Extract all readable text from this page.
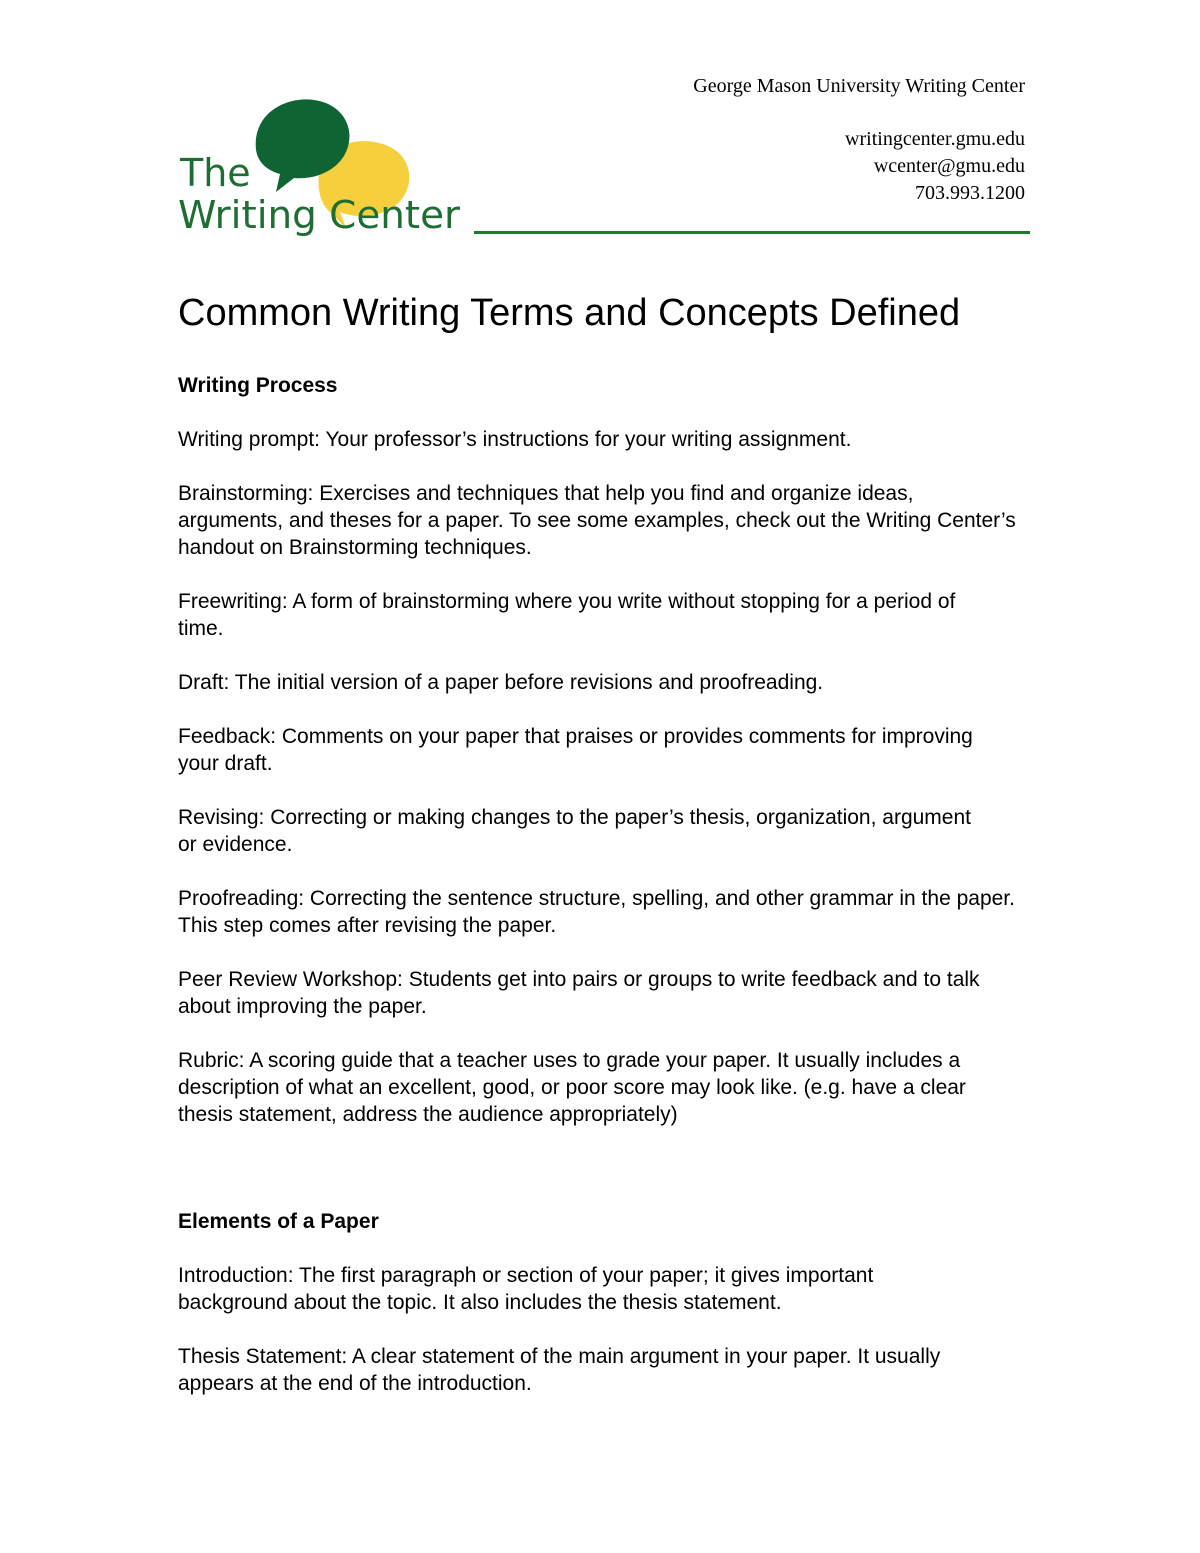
The
Writing Center
George Mason University Writing Center
writingcenter.gmu.edu
wcenter@gmu.edu
703.993.1200
Common Writing Terms and Concepts Defined
Writing Process

Writing prompt: Your professor’s instructions for your writing assignment.

Brainstorming: Exercises and techniques that help you find and organize ideas, arguments, and theses for a paper. To see some examples, check out the Writing Center’s handout on Brainstorming techniques.

Freewriting: A form of brainstorming where you write without stopping for a period of time.

Draft: The initial version of a paper before revisions and proofreading.

Feedback: Comments on your paper that praises or provides comments for improving your draft.

Revising: Correcting or making changes to the paper’s thesis, organization, argument or evidence.

Proofreading: Correcting the sentence structure, spelling, and other grammar in the paper. This step comes after revising the paper.

Peer Review Workshop: Students get into pairs or groups to write feedback and to talk about improving the paper.

Rubric: A scoring guide that a teacher uses to grade your paper. It usually includes a description of what an excellent, good, or poor score may look like. (e.g. have a clear thesis statement, address the audience appropriately)

Elements of a Paper

Introduction: The first paragraph or section of your paper; it gives important background about the topic. It also includes the thesis statement.

Thesis Statement: A clear statement of the main argument in your paper. It usually appears at the end of the introduction.
